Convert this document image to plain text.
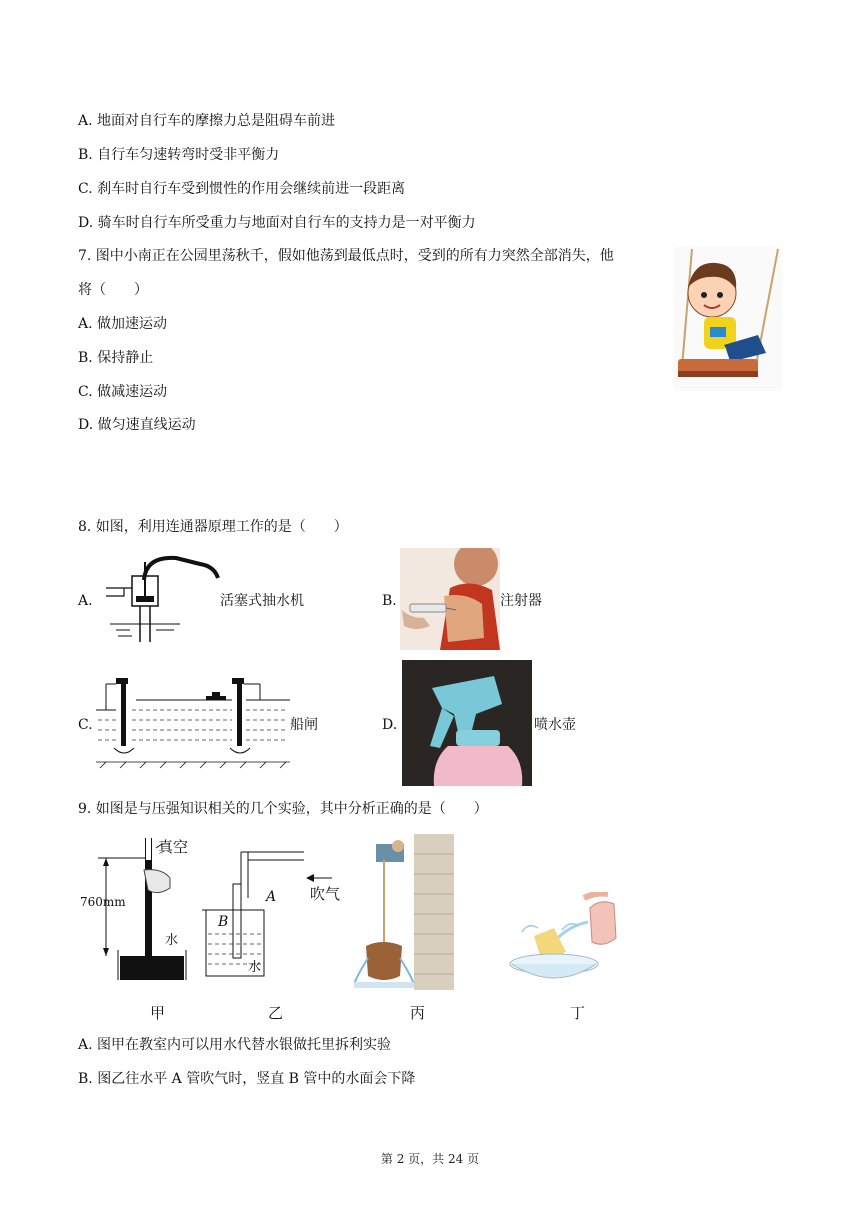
A. 地面对自行车的摩擦力总是阻碍车前进
B. 自行车匀速转弯时受非平衡力
C. 刹车时自行车受到惯性的作用会继续前进一段距离
D. 骑车时自行车所受重力与地面对自行车的支持力是一对平衡力
7. 图中小南正在公园里荡秋千，假如他荡到最低点时，受到的所有力突然全部消失，他
将（　　）
A. 做加速运动
B. 保持静止
C. 做减速运动
D. 做匀速直线运动
8. 如图，利用连通器原理工作的是（　　）
A.	活塞式抽水机	B.	注射器
C.	船闸	D.	喷水壶
9. 如图是与压强知识相关的几个实验，其中分析正确的是（　　）
真空
760mm
水
A
B
吹气
水
甲	乙	丙	丁
A. 图甲在教室内可以用水代替水银做托里拆利实验
B. 图乙往水平 A 管吹气时，竖直 B 管中的水面会下降
第 2 页，共 24 页
